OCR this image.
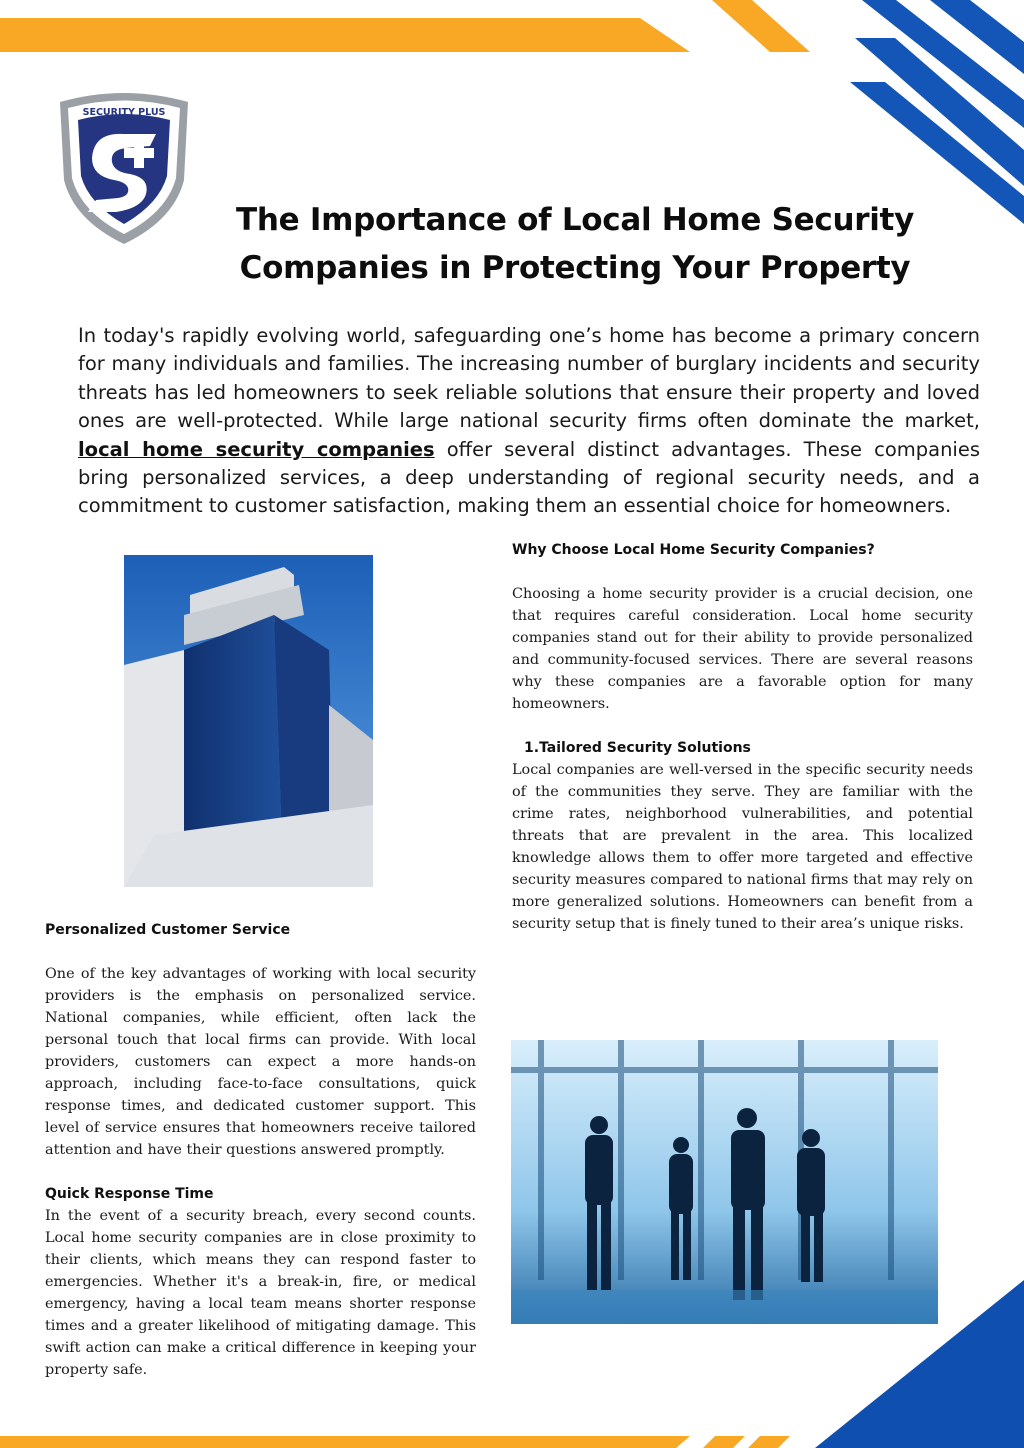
SECURITY PLUS
The Importance of Local Home Security
Companies in Protecting Your Property

In today's rapidly evolving world, safeguarding one’s home has become a primary concern for many individuals and families. The increasing number of burglary incidents and security threats has led homeowners to seek reliable solutions that ensure their property and loved ones are well-protected. While large national security firms often dominate the market, local home security companies offer several distinct advantages. These companies bring personalized services, a deep understanding of regional security needs, and a commitment to customer satisfaction, making them an essential choice for homeowners.

Why Choose Local Home Security Companies?

Choosing a home security provider is a crucial decision, one that requires careful consideration. Local home security companies stand out for their ability to provide personalized and community-focused services. There are several reasons why these companies are a favorable option for many homeowners.

1.Tailored Security Solutions

Local companies are well-versed in the specific security needs of the communities they serve. They are familiar with the crime rates, neighborhood vulnerabilities, and potential threats that are prevalent in the area. This localized knowledge allows them to offer more targeted and effective security measures compared to national firms that may rely on more generalized solutions. Homeowners can benefit from a security setup that is finely tuned to their area’s unique risks.

Personalized Customer Service

One of the key advantages of working with local security providers is the emphasis on personalized service. National companies, while efficient, often lack the personal touch that local firms can provide. With local providers, customers can expect a more hands-on approach, including face-to-face consultations, quick response times, and dedicated customer support. This level of service ensures that homeowners receive tailored attention and have their questions answered promptly.

Quick Response Time

In the event of a security breach, every second counts. Local home security companies are in close proximity to their clients, which means they can respond faster to emergencies. Whether it's a break-in, fire, or medical emergency, having a local team means shorter response times and a greater likelihood of mitigating damage. This swift action can make a critical difference in keeping your property safe.
